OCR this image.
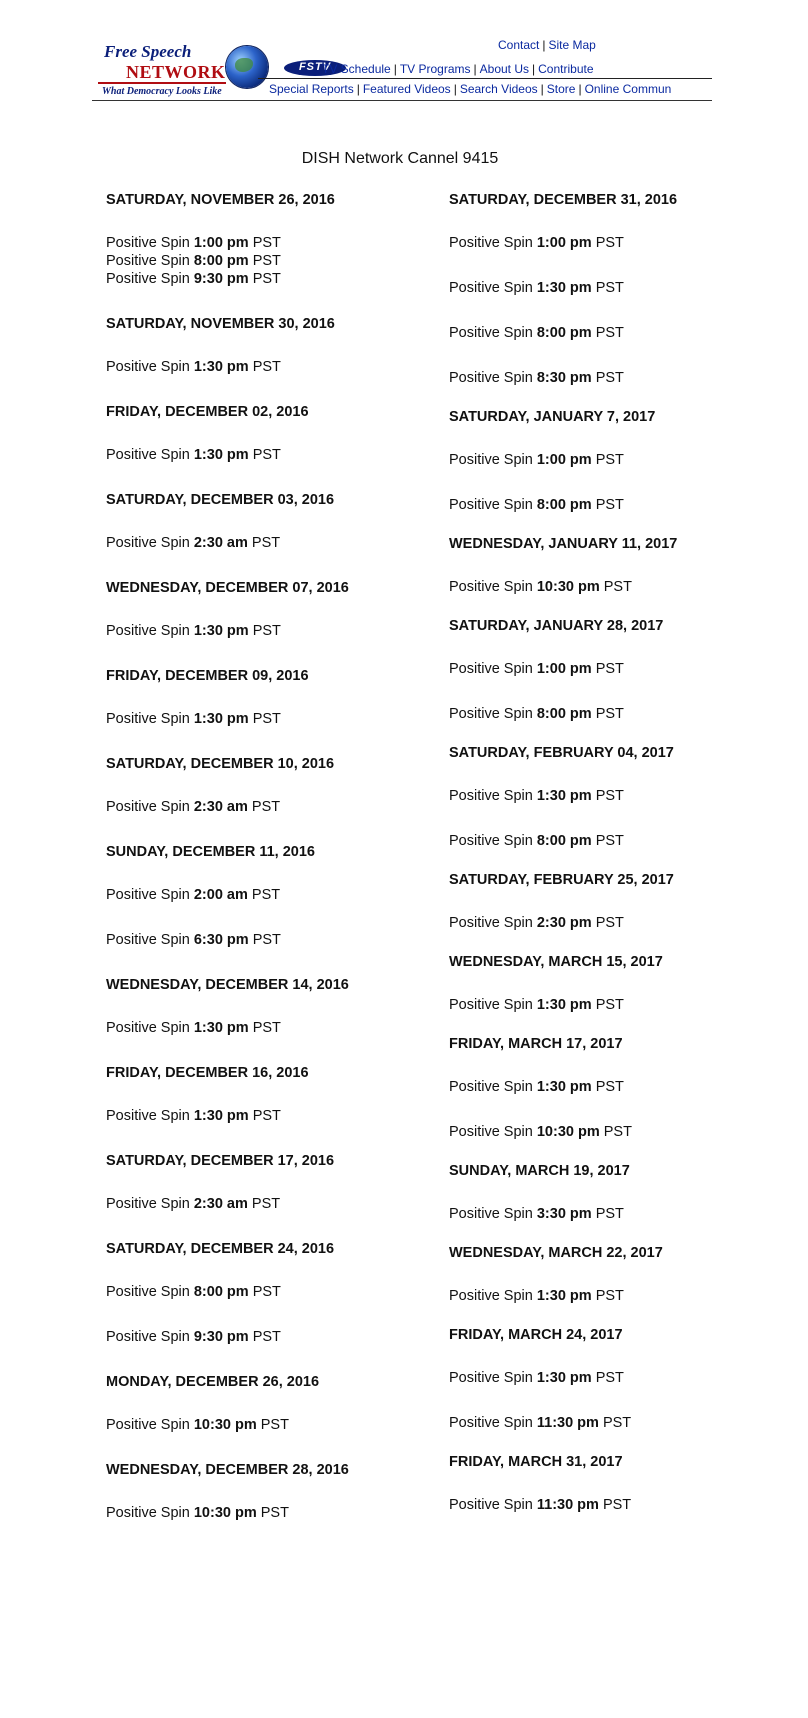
Free Speech
NETWORK
What Democracy Looks Like
FSTV
Contact | Site Map
TV Schedule | TV Programs | About Us | Contribute
Special Reports | Featured Videos | Search Videos | Store | Online Commun
DISH Network Cannel 9415
SATURDAY, NOVEMBER 26, 2016
Positive Spin 1:00 pm PST
Positive Spin 8:00 pm PST
Positive Spin 9:30 pm PST
SATURDAY, NOVEMBER 30, 2016
Positive Spin 1:30 pm PST
FRIDAY, DECEMBER 02, 2016
Positive Spin 1:30 pm PST
SATURDAY, DECEMBER 03, 2016
Positive Spin 2:30 am PST
WEDNESDAY, DECEMBER 07, 2016
Positive Spin 1:30 pm PST
FRIDAY, DECEMBER 09, 2016
Positive Spin 1:30 pm PST
SATURDAY, DECEMBER 10, 2016
Positive Spin 2:30 am PST
SUNDAY, DECEMBER 11, 2016
Positive Spin 2:00 am PST
Positive Spin 6:30 pm PST
WEDNESDAY, DECEMBER 14, 2016
Positive Spin 1:30 pm PST
FRIDAY, DECEMBER 16, 2016
Positive Spin 1:30 pm PST
SATURDAY, DECEMBER 17, 2016
Positive Spin 2:30 am PST
SATURDAY, DECEMBER 24, 2016
Positive Spin 8:00 pm PST
Positive Spin 9:30 pm PST
MONDAY, DECEMBER 26, 2016
Positive Spin 10:30 pm PST
WEDNESDAY, DECEMBER 28, 2016
Positive Spin 10:30 pm PST
SATURDAY, DECEMBER 31, 2016
Positive Spin 1:00 pm PST
Positive Spin 1:30 pm PST
Positive Spin 8:00 pm PST
Positive Spin 8:30 pm PST
SATURDAY, JANUARY 7, 2017
Positive Spin 1:00 pm PST
Positive Spin 8:00 pm PST
WEDNESDAY, JANUARY 11, 2017
Positive Spin 10:30 pm PST
SATURDAY, JANUARY 28, 2017
Positive Spin 1:00 pm PST
Positive Spin 8:00 pm PST
SATURDAY, FEBRUARY 04, 2017
Positive Spin 1:30 pm PST
Positive Spin 8:00 pm PST
SATURDAY, FEBRUARY 25, 2017
Positive Spin 2:30 pm PST
WEDNESDAY, MARCH 15, 2017
Positive Spin 1:30 pm PST
FRIDAY, MARCH 17, 2017
Positive Spin 1:30 pm PST
Positive Spin 10:30 pm PST
SUNDAY, MARCH 19, 2017
Positive Spin 3:30 pm PST
WEDNESDAY, MARCH 22, 2017
Positive Spin 1:30 pm PST
FRIDAY, MARCH 24, 2017
Positive Spin 1:30 pm PST
Positive Spin 11:30 pm PST
FRIDAY, MARCH 31, 2017
Positive Spin 11:30 pm PST
